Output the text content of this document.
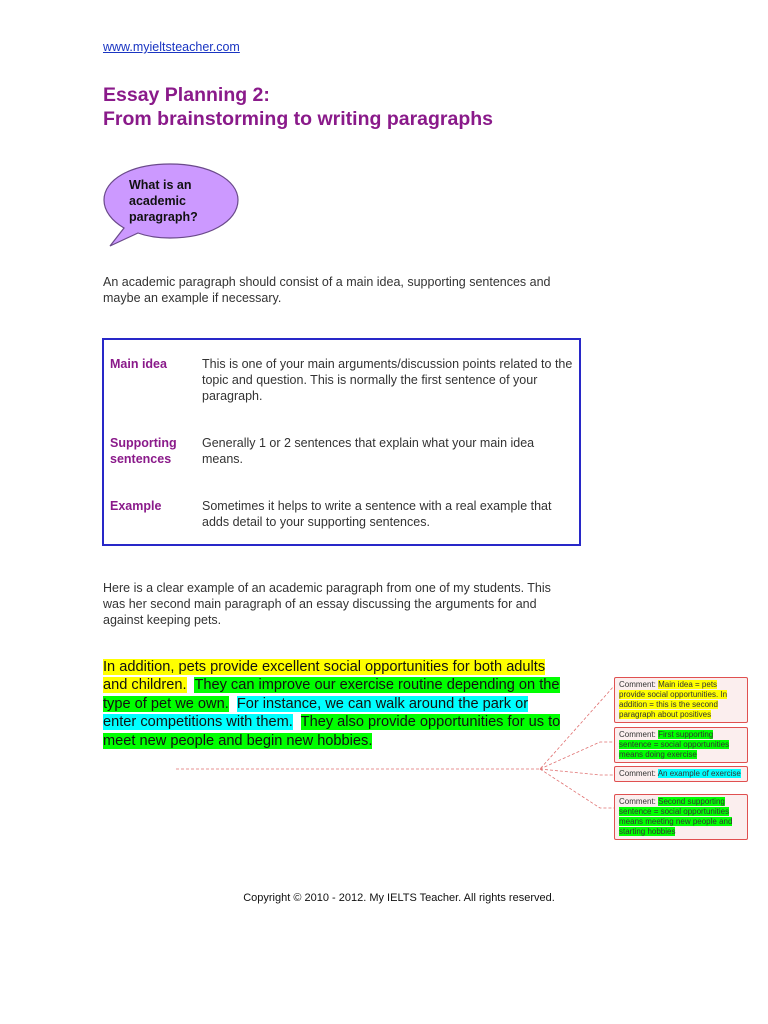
www.myieltsteacher.com
Essay Planning 2:
From brainstorming to writing paragraphs
What is an academic paragraph?

An academic paragraph should consist of a main idea, supporting sentences and maybe an example if necessary.

Main idea	This is one of your main arguments/discussion points related to the topic and question. This is normally the first sentence of your paragraph.
Supporting sentences
Generally 1 or 2 sentences that explain what your main idea means.
Example	Sometimes it helps to write a sentence with a real example that adds detail to your supporting sentences.

Here is a clear example of an academic paragraph from one of my students. This was her second main paragraph of an essay discussing the arguments for and against keeping pets.

In addition, pets provide excellent social opportunities for both adults and children. They can improve our exercise routine depending on the type of pet we own. For instance, we can walk around the park or enter competitions with them. They also provide opportunities for us to meet new people and begin new hobbies.
Comment: Main idea = pets provide social opportunities. In addition = this is the second paragraph about positives
Comment: First supporting sentence = social opportunities means doing exercise
Comment: An example of exercise
Comment: Second supporting sentence = social opportunities means meeting new people and starting hobbies
Copyright © 2010 - 2012. My IELTS Teacher. All rights reserved.
